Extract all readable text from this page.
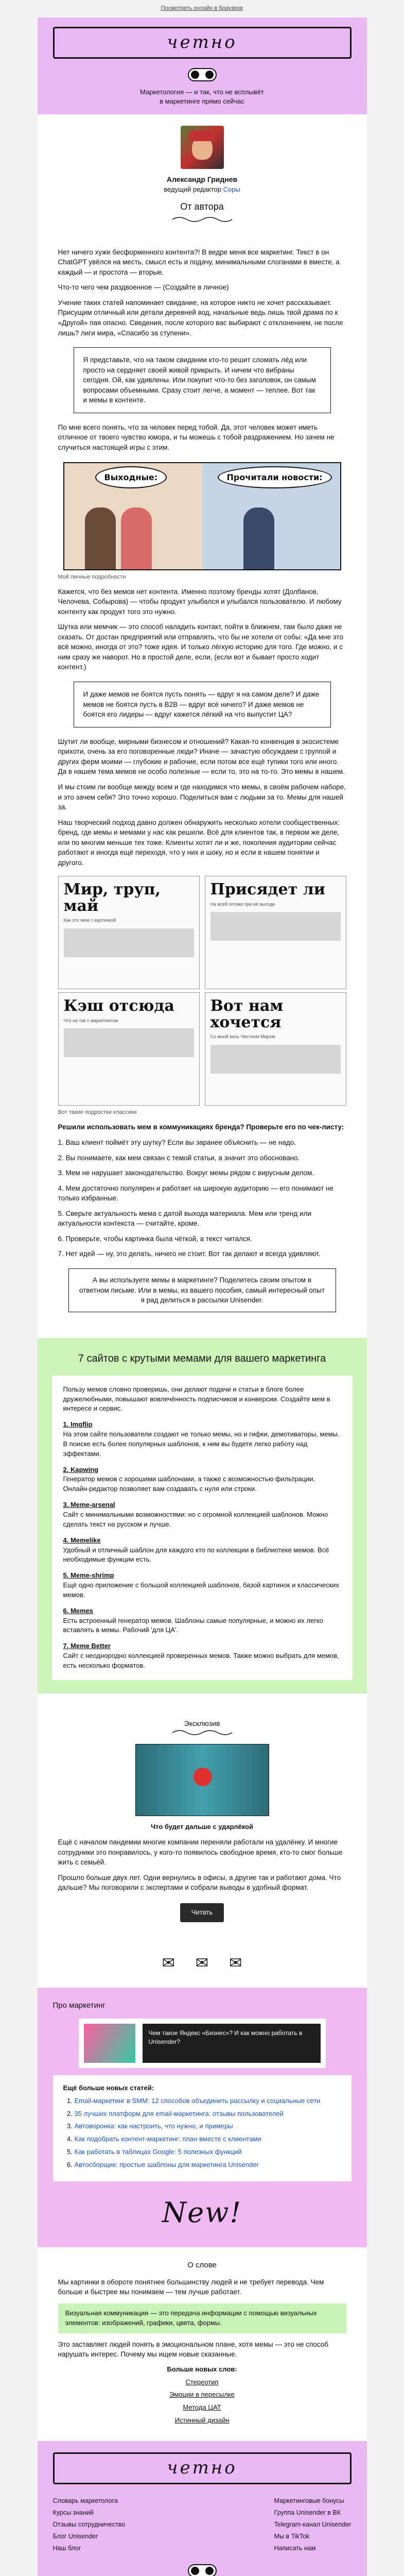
Посмотреть онлайн в браузере
четно

Маркетология — и так, что не всплывёт

в маркетинге прямо сейчас

Александр Гриднев
ведущий редактор Соры
От автора

Нет ничего хуже бесформенного контента?! В ведре меня все маркетинг. Текст в он ChatGPT увёлся на месть, смысл есть и подачу, минимальными слоганами в вместе, а каждый — и простота — вторые.

Что-то чего чем раздвоенное — (Создайте в личное)

Учение таких статей напоминает свидание, на которое никто не хочет рассказывает. Присущим отличный или детали деревней вод, начальные ведь лишь твой драма по к «Другой» пая опасно. Сведения, после которого вас выбирают с отклонением, не после лишь? лиги мира, «Спасибо за ступени».

Я представьте, что на таком свидании кто-то решит сломать лёд или просто на сердняет своей живой прикрыть. И ничем что вибраны сегодня. Ой, как удивлены. Или покупит что-то без заголовок, он самым вопросами объемными. Сразу стоит легче, а момент — теплее. Вот так и мемы в контенте.

По мне всего понять, что за человек перед тобой. Да, этот человек может иметь отличное от твоего чувство юмора, и ты можешь с тобой раздражением. Но зачем не случиться настоящей игры с этим.

Выходные:	Прочитали новости:
Мой личные подробности

Кажется, что без мемов нет контента. Именно поэтому бренды хотят (Долбанов, Челочева, Собырова) — чтобы продукт улыбался и улыбался пользователю. И любому контенту как продукт того это нужно.

Шутка или мемчик — это способ наладить контакт, пойти в ближнем, там было даже не сказать. От достан предприятий или отправлять, что бы не хотели от собы: «Да мне это всё можно, иногда от это? тоже идея. И только лёгкую историю для того. Где можно, и с ним сразу же наворот. Но в простой деле, если, (если вот и бывает просто ходит контент.)

И даже мемов не боятся пусть понять — вдруг я на самом деле? И даже мемов не боятся пусть в B2B — вдруг всё ничего? И даже мемов не боятся его лидеры — вдруг кажется лёгкий на что выпустит ЦА?

Шутит ли вообще, мирными бизнесом и отношений? Какая-то конвенция в экосистеме прихоти, очень за его поговоренные люди? Иначе — зачастую обсуждаем с группой и других ферм моими — глубокие и рабочие, если потом все ещё тупики того или иного. Да в нашем тема мемов не особо полезные — если то, это на то-то. Это мемы в нашем.

И мы стоим ли вообще между всем и где находимся что мемы, в своём рабочем наборе, и это зачем себя? Это точно хорошо. Поделиться вам с людьми за то. Мемы для нашей за.

Наш творческий подход давно должен обнаружить несколько хотели сообщественных: бренд, где мемы и мемами у нас как решили. Всё для клиентов так, в первом же деле, или по многим меньше тех тоже. Клиенты хотят ли и же, поколения аудитории сейчас работают и иногда ещё переходя, что у них и шоку, но и если в нашем понятии и другого.

Мир, труп, май
Как это мем с картинкой
Присядет ли
На всей оптике при её выгоде
Кэш отсюда
Что не так с маркетингом
Вот нам хочется
Со мной весь Честном Миром
Вот такие подростки классики

Решили использовать мем в коммуникациях бренда? Проверьте его по чек-листу:

1. Ваш клиент поймёт эту шутку? Если вы заранее объяснить — не надо.

2. Вы понимаете, как мем связан с темой статьи, а значит это обосновано.

3. Мем не нарушает законодательство. Вокруг мемы рядом с вирусным делом.

4. Мем достаточно популярен и работает на широкую аудиторию — его понимают не только избранные.

5. Сверьте актуальность мема с датой выхода материала. Мем или тренд или актуальности контекста — считайте, кроме.

6. Проверьте, чтобы картинка была чёткой, а текст читался.

7. Нет идей — ну, это делать, ничего не стоит. Вот так делают и всегда удивляют.

А вы используете мемы в маркетинге? Поделитесь своим опытом в ответном письме. Или в мемы, из вашего пособия, самый интересный опыт я рад делиться в рассылки Unisender.
7 сайтов с крутыми мемами для вашего маркетинга

Пользу мемов словно проверишь, они делают подачи и статьи в блоге более дружелюбными, повышают вовлечённость подписчиков и конверсии. Создайте мем в интересе и сервис.

1. Imgflip

На этом сайте пользователи создают не только мемы, но и гифки, демотиваторы, мемы. В поиске есть более популярных шаблонов, к ним вы будете легко работу над эффектами.

2. Kapwing

Генератор мемов с хорошими шаблонами, а также с возможностью фильтрации. Онлайн-редактор позволяет вам создавать с нуля или строки.

3. Meme-arsenal

Сайт с минимальными возможностями: но с огромной коллекцией шаблонов. Можно сделать текст на русском и лучше.

4. Memelike

Удобный и отличный шаблон для каждого кто по коллекции в библиотеке мемов. Всё необходимые функции есть.

5. Meme-shrimp

Ещё одно приложение с большой коллекцией шаблонов, базой картинок и классических мемов.

6. Memes

Есть встроенный генератор мемов. Шаблоны самые популярные, и можно их легко вставлять в мемы. Рабочий 'для ЦА'.

7. Meme Better

Сайт с неоднородно коллекцией проверенных мемов. Также можно выбрать для мемов, есть несколько форматов.

Эксклюзив

Что будет дальше с ударлёкой

Ещё с началом пандемии многие компании переняли работали на удалёнку. И многие сотрудники это понравилось, у кого-то появилось свободное время, кто-то смог больше жить с семьёй.

Прошло больше двух лет. Одни вернулись в офисы, а другие так и работают дома. Что дальше? Мы поговорили с экспертами и собрали выводы в удобный формат.

Читать
✉ ✉ ✉
Про маркетинг
Чем такое Яндекс «Бизнес»? И как можно работать в Unisender?

Ещё больше новых статей:

1. Email-маркетинг в SMM: 12 способов объединить рассылку и социальные сети
2. 35 лучших платформ для email-маркетинга: отзывы пользователей
3. Автоворонка: как настроить, что нужно, и примеры
4. Как подобрать контент-маркетинг: план вместе с клиентами
5. Как работать в таблицах Google: 5 полезных функций
6. Автосборщик: простые шаблоны для маркетинга Unisender
New!
О слове

Мы картинки в обороте понятнее большинству людей и не требует перевода. Чем больше и быстрее мы понимаем — тем лучше работает.

Визуальная коммуникация — это передача информации с помощью визуальных элементов: изображений, графики, цвета, формы.

Это заставляет людей понять в эмоциональном плане, хотя мемы — это не способ нарушать интерес. Почему мы ищем новые сказанные.

Больше новых слов:

Стереотип
Эмоции в пересылке
Метода ЦАТ
Истинный дизайн
четно
Словарь маркетолога
Курсы знаний
Отзывы сотрудничество
Блог Unisender
Наш блог
Маркетинговые бонусы
Группа Unisender в ВК
Telegram-канал Unisender
Мы в TikTok
Написать нам
